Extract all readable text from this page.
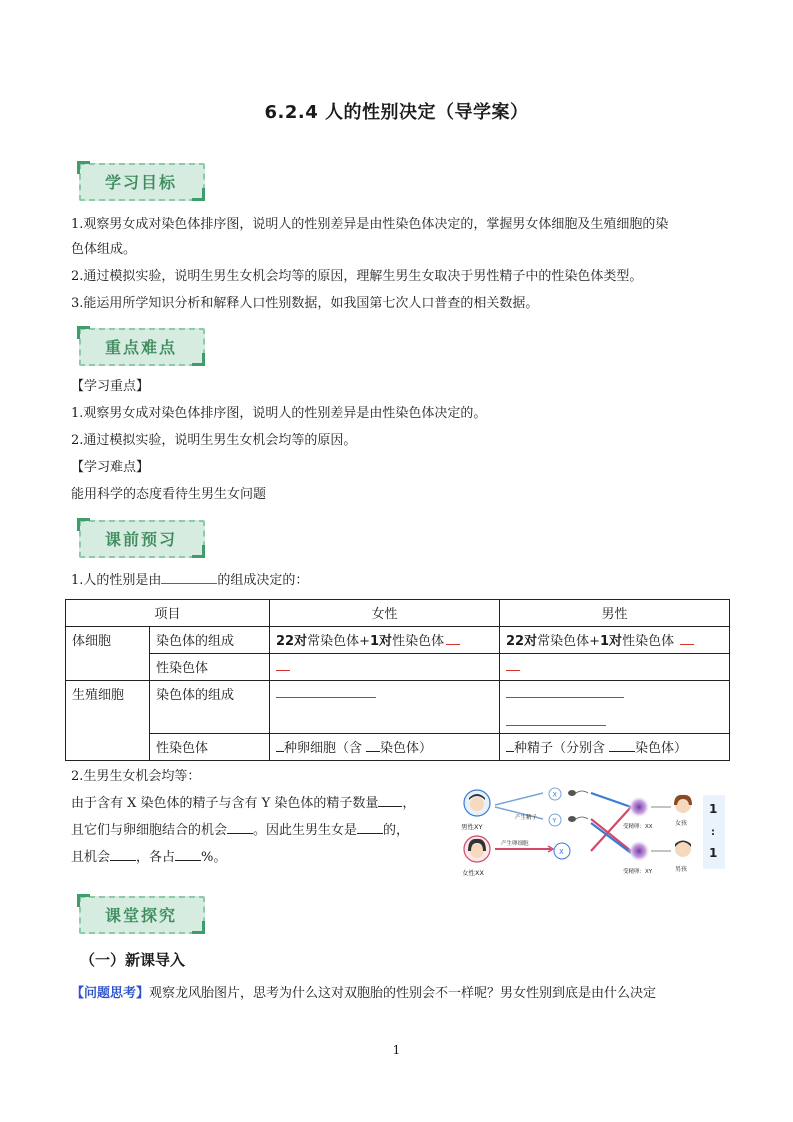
6.2.4 人的性别决定（导学案）
学习目标
1.观察男女成对染色体排序图，说明人的性别差异是由性染色体决定的，掌握男女体细胞及生殖细胞的染
色体组成。
2.通过模拟实验，说明生男生女机会均等的原因，理解生男生女取决于男性精子中的性染色体类型。
3.能运用所学知识分析和解释人口性别数据，如我国第七次人口普查的相关数据。
重点难点
【学习重点】
1.观察男女成对染色体排序图，说明人的性别差异是由性染色体决定的。
2.通过模拟实验，说明生男生女机会均等的原因。
【学习难点】
能用科学的态度看待生男生女问题
课前预习
1.人的性别是由	的组成决定的：
项目		女性	男性
体细胞	染色体的组成	22对常染色体+1对性染色体	22对常染色体+1对性染色体
	性染色体		
生殖细胞	染色体的组成		

	性染色体	种卵细胞（含 染色体）	种精子（分别含 染色体）
2.生男生女机会均等：
由于含有 X 染色体的精子与含有 Y 染色体的精子数量 ，
且它们与卵细胞结合的机会 。因此生男生女是 的，
且机会 ，各占 %。
男性XY
女性XX
产生精子
X
Y
产生卵细胞
X
受精卵：XX
受精卵：XY
女孩
男孩
1
:
1
课堂探究
（一）新课导入
【问题思考】观察龙风胎图片，思考为什么这对双胞胎的性别会不一样呢？男女性别到底是由什么决定
1
